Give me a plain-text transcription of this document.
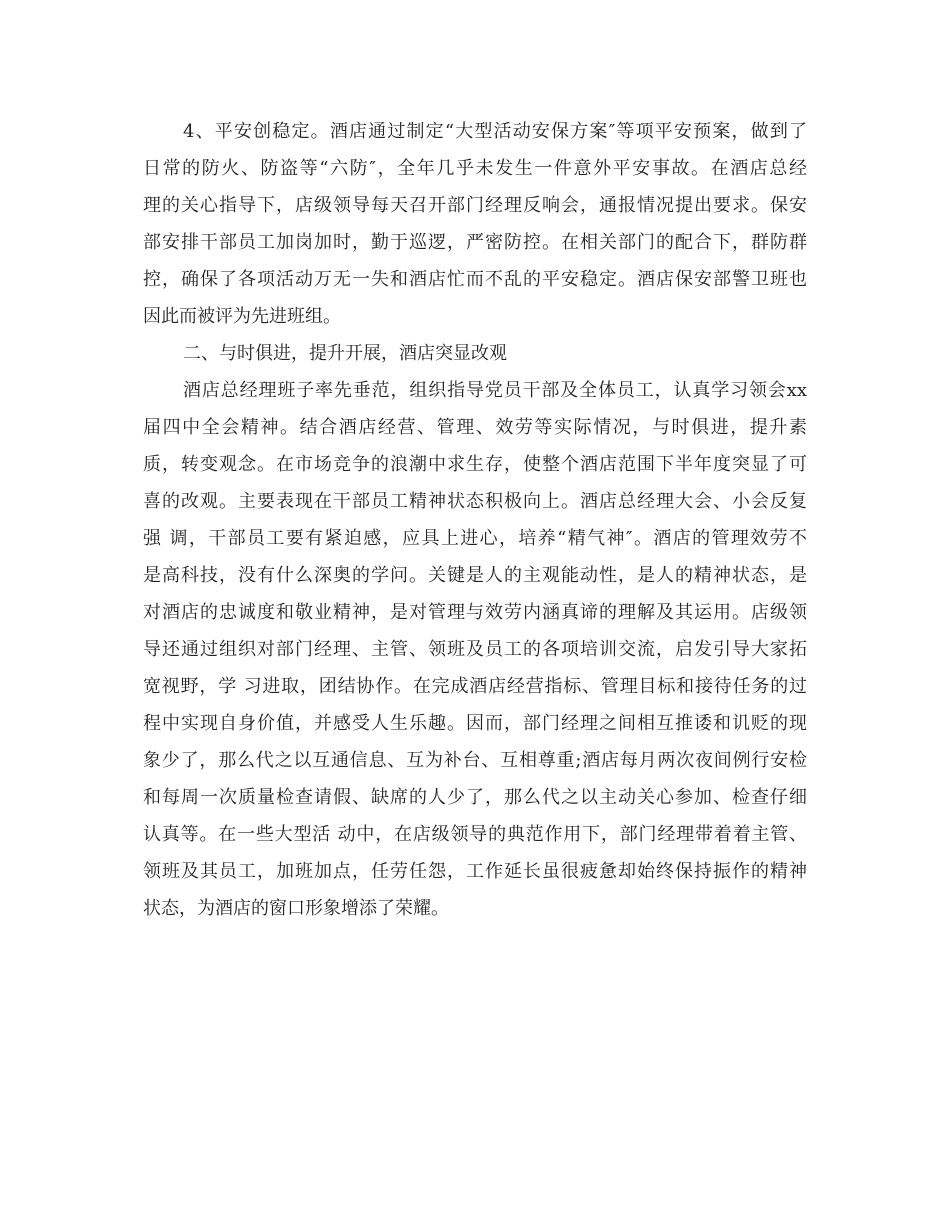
4、平安创稳定。酒店通过制定“大型活动安保方案″等项平安预案，做到了
日常的防火、防盗等“六防″，全年几乎未发生一件意外平安事故。在酒店总经
理的关心指导下，店级领导每天召开部门经理反响会，通报情况提出要求。保安
部安排干部员工加岗加时，勤于巡逻，严密防控。在相关部门的配合下，群防群
控，确保了各项活动万无一失和酒店忙而不乱的平安稳定。酒店保安部警卫班也
因此而被评为先进班组。
二、与时俱进，提升开展，酒店突显改观
酒店总经理班子率先垂范，组织指导党员干部及全体员工，认真学习领会xx
届四中全会精神。结合酒店经营、管理、效劳等实际情况，与时俱进，提升素
质，转变观念。在市场竞争的浪潮中求生存，使整个酒店范围下半年度突显了可
喜的改观。主要表现在干部员工精神状态积极向上。酒店总经理大会、小会反复
强 调，干部员工要有紧迫感，应具上进心，培养“精气神″。酒店的管理效劳不
是高科技，没有什么深奥的学问。关键是人的主观能动性，是人的精神状态，是
对酒店的忠诚度和敬业精神，是对管理与效劳内涵真谛的理解及其运用。店级领
导还通过组织对部门经理、主管、领班及员工的各项培训交流，启发引导大家拓
宽视野，学 习进取，团结协作。在完成酒店经营指标、管理目标和接待任务的过
程中实现自身价值，并感受人生乐趣。因而，部门经理之间相互推诿和讥贬的现
象少了，那么代之以互通信息、互为补台、互相尊重;酒店每月两次夜间例行安检
和每周一次质量检查请假、缺席的人少了，那么代之以主动关心参加、检查仔细
认真等。在一些大型活 动中，在店级领导的典范作用下，部门经理带着着主管、
领班及其员工，加班加点，任劳任怨，工作延长虽很疲惫却始终保持振作的精神
状态，为酒店的窗口形象增添了荣耀。
